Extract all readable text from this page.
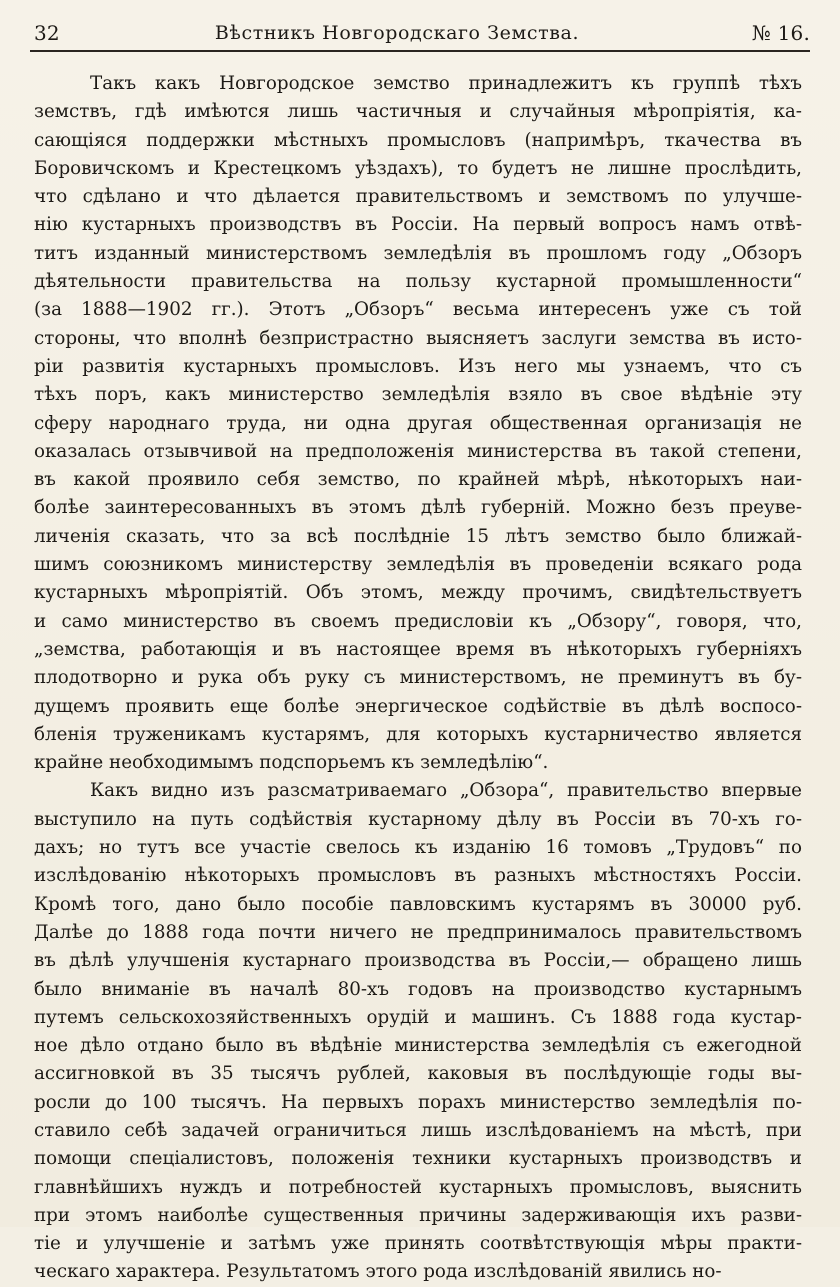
32	Вѣстникъ Новгородскаго Земства.	№ 16.
Такъ какъ Новгородское земство принадлежитъ къ группѣ тѣхъ
земствъ, гдѣ имѣются лишь частичныя и случайныя мѣропріятія, ка-
сающіяся поддержки мѣстныхъ промысловъ (напримѣръ, ткачества въ
Боровичскомъ и Крестецкомъ уѣздахъ), то будетъ не лишне прослѣдить,
что сдѣлано и что дѣлается правительствомъ и земствомъ по улучше-
нію кустарныхъ производствъ въ Россіи. На первый вопросъ намъ отвѣ-
титъ изданный министерствомъ земледѣлія въ прошломъ году „Обзоръ
дѣятельности правительства на пользу кустарной промышленности“
(за 1888—1902 гг.). Этотъ „Обзоръ“ весьма интересенъ уже съ той
стороны, что вполнѣ безпристрастно выясняетъ заслуги земства въ исто-
ріи развитія кустарныхъ промысловъ. Изъ него мы узнаемъ, что съ
тѣхъ поръ, какъ министерство земледѣлія взяло въ свое вѣдѣніе эту
сферу народнаго труда, ни одна другая общественная организація не
оказалась отзывчивой на предположенія министерства въ такой степени,
въ какой проявило себя земство, по крайней мѣрѣ, нѣкоторыхъ наи-
болѣе заинтересованныхъ въ этомъ дѣлѣ губерній. Можно безъ преуве-
личенія сказать, что за всѣ послѣдніе 15 лѣтъ земство было ближай-
шимъ союзникомъ министерству земледѣлія въ проведеніи всякаго рода
кустарныхъ мѣропріятій. Объ этомъ, между прочимъ, свидѣтельствуетъ
и само министерство въ своемъ предисловіи къ „Обзору“, говоря, что,
„земства, работающія и въ настоящее время въ нѣкоторыхъ губерніяхъ
плодотворно и рука объ руку съ министерствомъ, не преминутъ въ бу-
дущемъ проявить еще болѣе энергическое содѣйствіе въ дѣлѣ воспосо-
бленія труженикамъ кустарямъ, для которыхъ кустарничество является
крайне необходимымъ подспорьемъ къ земледѣлію“.
Какъ видно изъ разсматриваемаго „Обзора“, правительство впервые
выступило на путь содѣйствія кустарному дѣлу въ Россіи въ 70-хъ го-
дахъ; но тутъ все участіе свелось къ изданію 16 томовъ „Трудовъ“ по
изслѣдованію нѣкоторыхъ промысловъ въ разныхъ мѣстностяхъ Россіи.
Кромѣ того, дано было пособіе павловскимъ кустарямъ въ 30000 руб.
Далѣе до 1888 года почти ничего не предпринималось правительствомъ
въ дѣлѣ улучшенія кустарнаго производства въ Россіи,— обращено лишь
было вниманіе въ началѣ 80-хъ годовъ на производство кустарнымъ
путемъ сельскохозяйственныхъ орудій и машинъ. Съ 1888 года кустар-
ное дѣло отдано было въ вѣдѣніе министерства земледѣлія съ ежегодной
ассигновкой въ 35 тысячъ рублей, каковыя въ послѣдующіе годы вы-
росли до 100 тысячъ. На первыхъ порахъ министерство земледѣлія по-
ставило себѣ задачей ограничиться лишь изслѣдованіемъ на мѣстѣ, при
помощи спеціалистовъ, положенія техники кустарныхъ производствъ и
главнѣйшихъ нуждъ и потребностей кустарныхъ промысловъ, выяснить
при этомъ наиболѣе существенныя причины задерживающія ихъ разви-
тіе и улучшеніе и затѣмъ уже принять соотвѣтствующія мѣры практи-
ческаго характера. Результатомъ этого рода изслѣдованій явились но-
